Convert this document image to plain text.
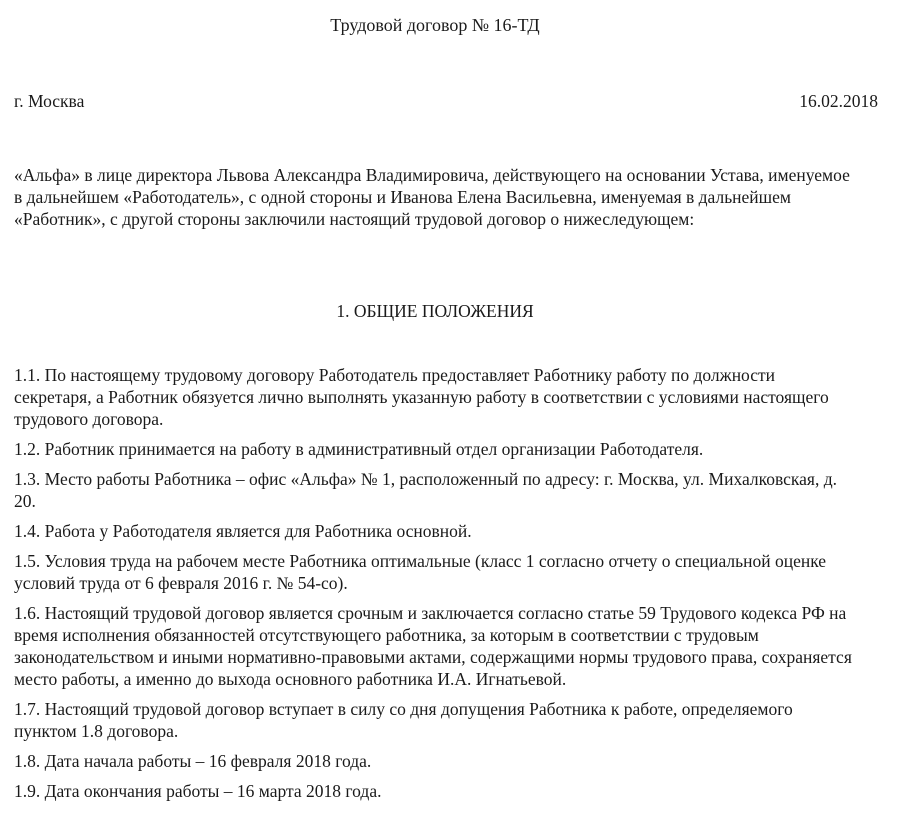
Трудовой договор № 16-ТД
г. Москва	16.02.2018
«Альфа» в лице директора Львова Александра Владимировича, действующего на основании Устава, именуемое в дальнейшем «Работодатель», с одной стороны и Иванова Елена Васильевна, именуемая в дальнейшем «Работник», с другой стороны заключили настоящий трудовой договор о нижеследующем:
1. ОБЩИЕ ПОЛОЖЕНИЯ

1.1. По настоящему трудовому договору Работодатель предоставляет Работнику работу по должности секретаря, а Работник обязуется лично выполнять указанную работу в соответствии с условиями настоящего трудового договора.

1.2. Работник принимается на работу в административный отдел организации Работодателя.

1.3. Место работы Работника – офис «Альфа» № 1, расположенный по адресу: г. Москва, ул. Михалковская, д. 20.

1.4. Работа у Работодателя является для Работника основной.

1.5. Условия труда на рабочем месте Работника оптимальные (класс 1 согласно отчету о специальной оценке условий труда от 6 февраля 2016 г. № 54-со).

1.6. Настоящий трудовой договор является срочным и заключается согласно статье 59 Трудового кодекса РФ на время исполнения обязанностей отсутствующего работника, за которым в соответствии с трудовым законодательством и иными нормативно-правовыми актами, содержащими нормы трудового права, сохраняется место работы, а именно до выхода основного работника И.А. Игнатьевой.

1.7. Настоящий трудовой договор вступает в силу со дня допущения Работника к работе, определяемого пунктом 1.8 договора.

1.8. Дата начала работы – 16 февраля 2018 года.

1.9. Дата окончания работы – 16 марта 2018 года.
